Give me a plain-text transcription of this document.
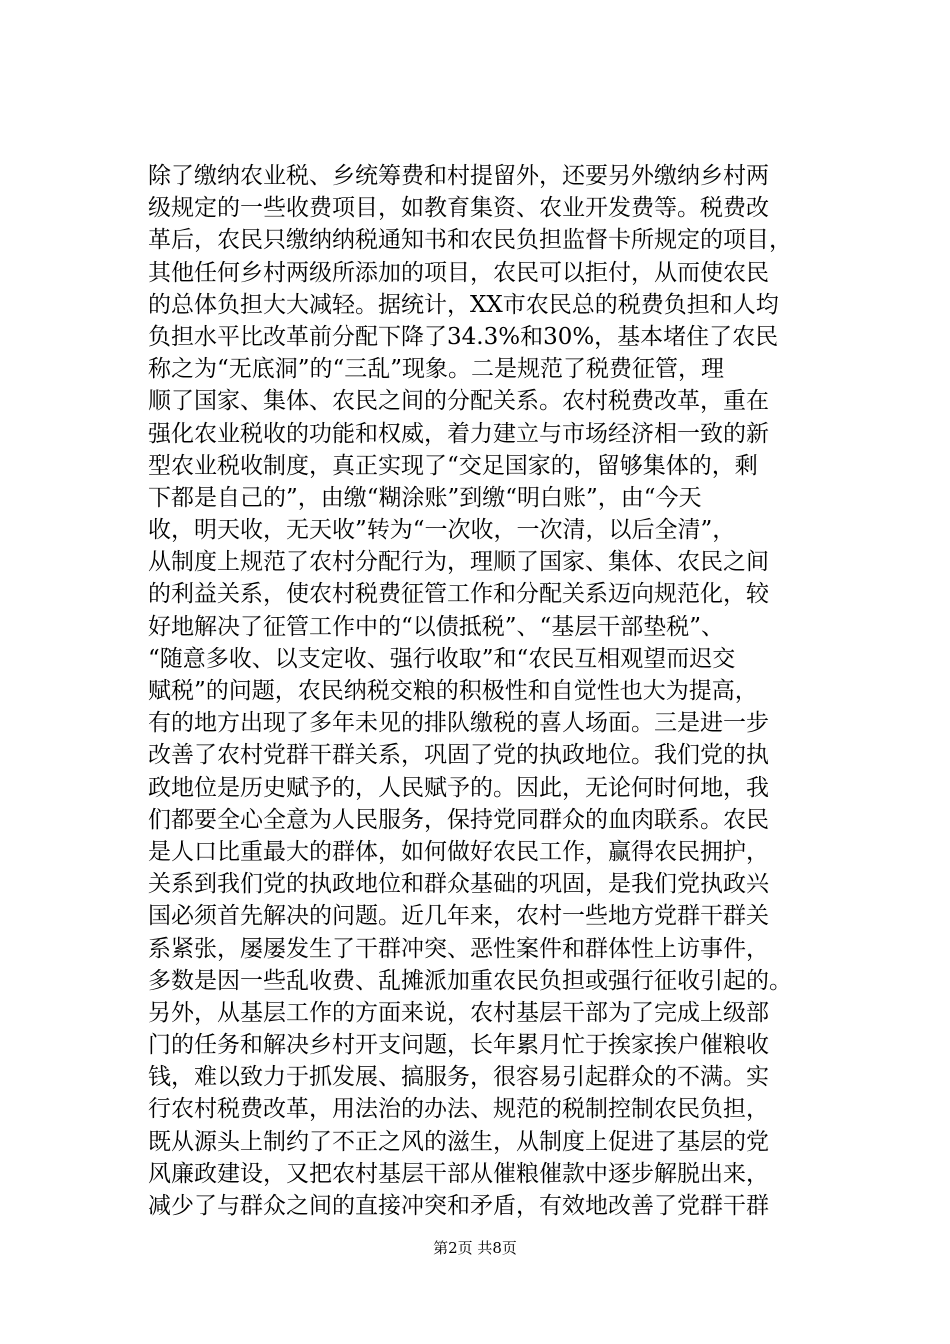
除了缴纳农业税、乡统筹费和村提留外，还要另外缴纳乡村两
级规定的一些收费项目，如教育集资、农业开发费等。税费改
革后，农民只缴纳纳税通知书和农民负担监督卡所规定的项目，
其他任何乡村两级所添加的项目，农民可以拒付，从而使农民
的总体负担大大减轻。据统计，XX市农民总的税费负担和人均
负担水平比改革前分配下降了34.3%和30%，基本堵住了农民
称之为“无底洞”的“三乱”现象。二是规范了税费征管，理
顺了国家、集体、农民之间的分配关系。农村税费改革，重在
强化农业税收的功能和权威，着力建立与市场经济相一致的新
型农业税收制度，真正实现了“交足国家的，留够集体的，剩
下都是自己的”，由缴“糊涂账”到缴“明白账”，由“今天
收，明天收，无天收”转为“一次收，一次清，以后全清”，
从制度上规范了农村分配行为，理顺了国家、集体、农民之间
的利益关系，使农村税费征管工作和分配关系迈向规范化，较
好地解决了征管工作中的“以债抵税”、“基层干部垫税”、
“随意多收、以支定收、强行收取”和“农民互相观望而迟交
赋税”的问题，农民纳税交粮的积极性和自觉性也大为提高，
有的地方出现了多年未见的排队缴税的喜人场面。三是进一步
改善了农村党群干群关系，巩固了党的执政地位。我们党的执
政地位是历史赋予的，人民赋予的。因此，无论何时何地，我
们都要全心全意为人民服务，保持党同群众的血肉联系。农民
是人口比重最大的群体，如何做好农民工作，赢得农民拥护，
关系到我们党的执政地位和群众基础的巩固，是我们党执政兴
国必须首先解决的问题。近几年来，农村一些地方党群干群关
系紧张，屡屡发生了干群冲突、恶性案件和群体性上访事件，
多数是因一些乱收费、乱摊派加重农民负担或强行征收引起的。
另外，从基层工作的方面来说，农村基层干部为了完成上级部
门的任务和解决乡村开支问题，长年累月忙于挨家挨户催粮收
钱，难以致力于抓发展、搞服务，很容易引起群众的不满。实
行农村税费改革，用法治的办法、规范的税制控制农民负担，
既从源头上制约了不正之风的滋生，从制度上促进了基层的党
风廉政建设，又把农村基层干部从催粮催款中逐步解脱出来，
减少了与群众之间的直接冲突和矛盾，有效地改善了党群干群
第2页 共8页
